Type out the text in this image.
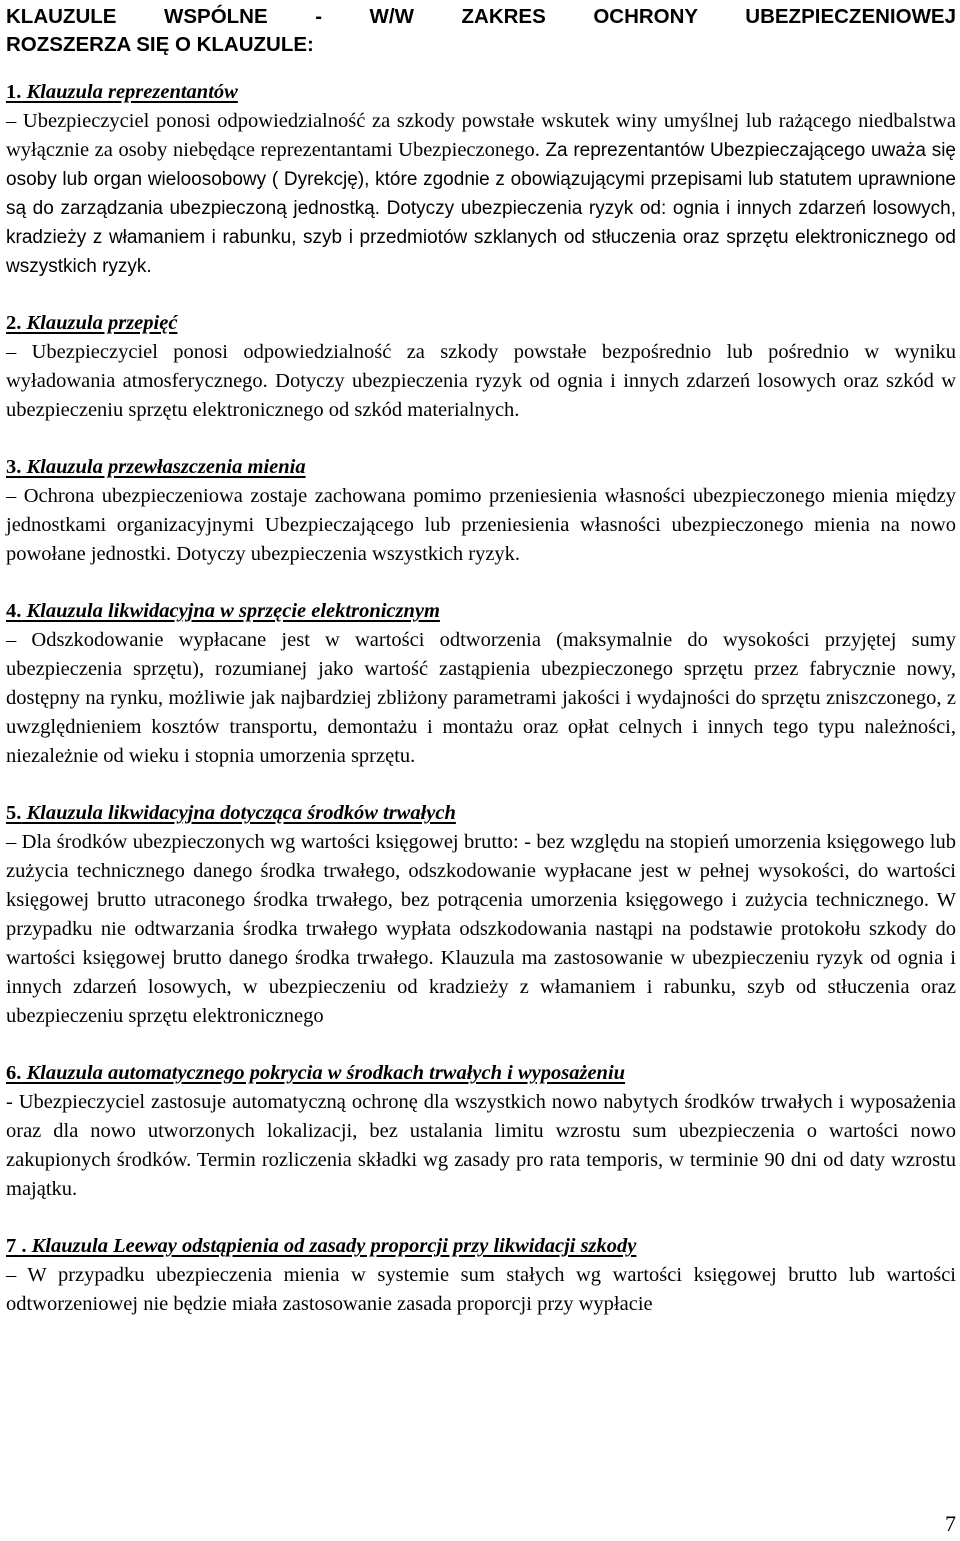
KLAUZULE WSPÓLNE - W/W ZAKRES OCHRONY UBEZPIECZENIOWEJ
ROZSZERZA SIĘ O KLAUZULE:

1. Klauzula reprezentantów

– Ubezpieczyciel ponosi odpowiedzialność za szkody powstałe wskutek winy umyślnej lub rażącego niedbalstwa wyłącznie za osoby niebędące reprezentantami Ubezpieczonego. Za reprezentantów Ubezpieczającego uważa się osoby lub organ wieloosobowy ( Dyrekcję), które zgodnie z obowiązującymi przepisami lub statutem uprawnione są do zarządzania ubezpieczoną jednostką. Dotyczy ubezpieczenia ryzyk od: ognia i innych zdarzeń losowych, kradzieży z włamaniem i rabunku, szyb i przedmiotów szklanych od stłuczenia oraz sprzętu elektronicznego od wszystkich ryzyk.

2. Klauzula przepięć

– Ubezpieczyciel ponosi odpowiedzialność za szkody powstałe bezpośrednio lub pośrednio w wyniku wyładowania atmosferycznego. Dotyczy ubezpieczenia ryzyk od ognia i innych zdarzeń losowych oraz szkód w ubezpieczeniu sprzętu elektronicznego od szkód materialnych.

3. Klauzula przewłaszczenia mienia

– Ochrona ubezpieczeniowa zostaje zachowana pomimo przeniesienia własności ubezpieczonego mienia między jednostkami organizacyjnymi Ubezpieczającego lub przeniesienia własności ubezpieczonego mienia na nowo powołane jednostki. Dotyczy ubezpieczenia wszystkich ryzyk.

4. Klauzula likwidacyjna w sprzęcie elektronicznym

– Odszkodowanie wypłacane jest w wartości odtworzenia (maksymalnie do wysokości przyjętej sumy ubezpieczenia sprzętu), rozumianej jako wartość zastąpienia ubezpieczonego sprzętu przez fabrycznie nowy, dostępny na rynku, możliwie jak najbardziej zbliżony parametrami jakości i wydajności do sprzętu zniszczonego, z uwzględnieniem kosztów transportu, demontażu i montażu oraz opłat celnych i innych tego typu należności, niezależnie od wieku i stopnia umorzenia sprzętu.

5. Klauzula likwidacyjna dotycząca środków trwałych

– Dla środków ubezpieczonych wg wartości księgowej brutto: - bez względu na stopień umorzenia księgowego lub zużycia technicznego danego środka trwałego, odszkodowanie wypłacane jest w pełnej wysokości, do wartości księgowej brutto utraconego środka trwałego, bez potrącenia umorzenia księgowego i zużycia technicznego. W przypadku nie odtwarzania środka trwałego wypłata odszkodowania nastąpi na podstawie protokołu szkody do wartości księgowej brutto danego środka trwałego. Klauzula ma zastosowanie w ubezpieczeniu ryzyk od ognia i innych zdarzeń losowych, w ubezpieczeniu od kradzieży z włamaniem i rabunku, szyb od stłuczenia oraz ubezpieczeniu sprzętu elektronicznego

6. Klauzula automatycznego pokrycia w środkach trwałych i wyposażeniu

- Ubezpieczyciel zastosuje automatyczną ochronę dla wszystkich nowo nabytych środków trwałych i wyposażenia oraz dla nowo utworzonych lokalizacji, bez ustalania limitu wzrostu sum ubezpieczenia o wartości nowo zakupionych środków. Termin rozliczenia składki wg zasady pro rata temporis, w terminie 90 dni od daty wzrostu majątku.

7 . Klauzula Leeway odstąpienia od zasady proporcji przy likwidacji szkody

– W przypadku ubezpieczenia mienia w systemie sum stałych wg wartości księgowej brutto lub wartości odtworzeniowej nie będzie miała zastosowanie zasada proporcji przy wypłacie

7
